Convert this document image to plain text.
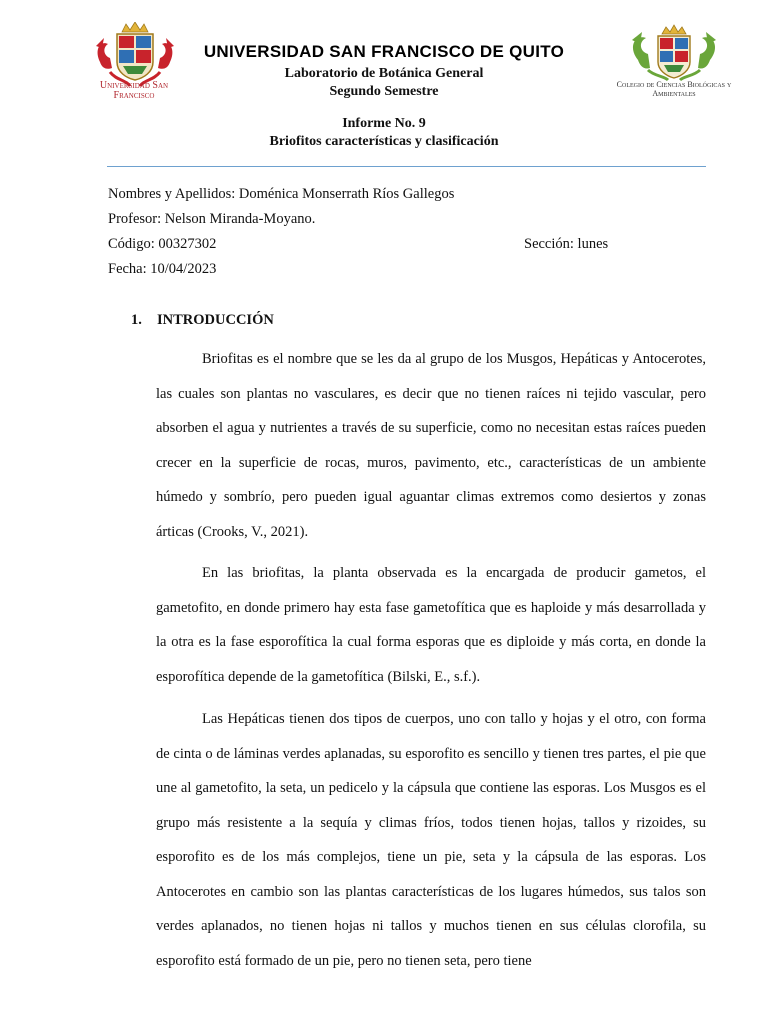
Universidad San Francisco
UNIVERSIDAD SAN FRANCISCO DE QUITO
Laboratorio de Botánica General
Segundo Semestre	Colegio de Ciencias Biológicas y Ambientales
Informe No. 9
Briofitos características y clasificación
Nombres y Apellidos: Doménica Monserrath Ríos Gallegos
Profesor: Nelson Miranda-Moyano.
Código: 00327302	Sección: lunes
Fecha: 10/04/2023
1. INTRODUCCIÓN

Briofitas es el nombre que se les da al grupo de los Musgos, Hepáticas y Antocerotes, las cuales son plantas no vasculares, es decir que no tienen raíces ni tejido vascular, pero absorben el agua y nutrientes a través de su superficie, como no necesitan estas raíces pueden crecer en la superficie de rocas, muros, pavimento, etc., características de un ambiente húmedo y sombrío, pero pueden igual aguantar climas extremos como desiertos y zonas árticas (Crooks, V., 2021).

En las briofitas, la planta observada es la encargada de producir gametos, el gametofito, en donde primero hay esta fase gametofítica que es haploide y más desarrollada y la otra es la fase esporofítica la cual forma esporas que es diploide y más corta, en donde la esporofítica depende de la gametofítica (Bilski, E., s.f.).

Las Hepáticas tienen dos tipos de cuerpos, uno con tallo y hojas y el otro, con forma de cinta o de láminas verdes aplanadas, su esporofito es sencillo y tienen tres partes, el pie que une al gametofito, la seta, un pedicelo y la cápsula que contiene las esporas. Los Musgos es el grupo más resistente a la sequía y climas fríos, todos tienen hojas, tallos y rizoides, su esporofito es de los más complejos, tiene un pie, seta y la cápsula de las esporas. Los Antocerotes en cambio son las plantas características de los lugares húmedos, sus talos son verdes aplanados, no tienen hojas ni tallos y muchos tienen en sus células clorofila, su esporofito está formado de un pie, pero no tienen seta, pero tiene
